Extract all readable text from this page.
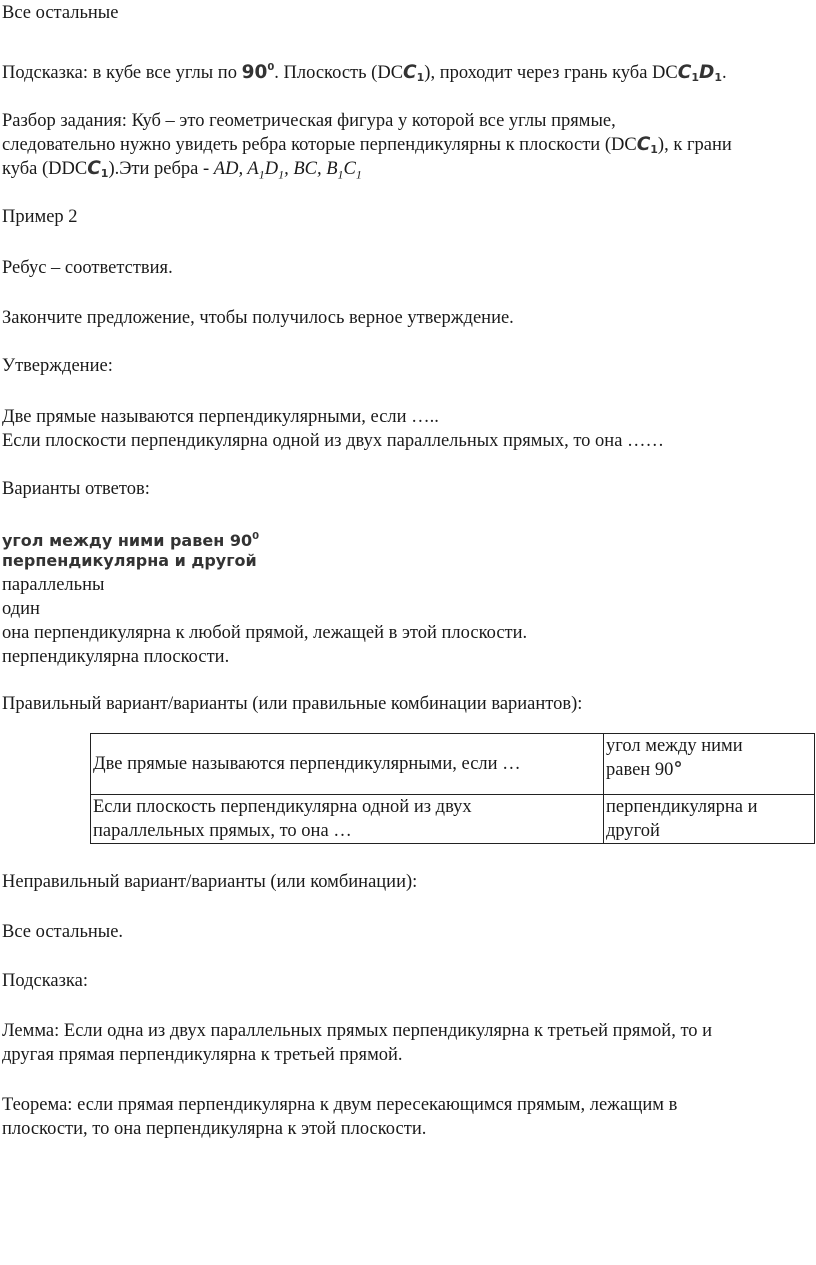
Все остальные
Подсказка: в кубе все углы по $90^0$. Плоскость $(DCC_1)$, проходит через грань куба $DCC_1D_1$.
Разбор задания: Куб – это геометрическая фигура у которой все углы прямые,
следовательно нужно увидеть ребра которые перпендикулярны к плоскости $(DCC_1)$, к грани
куба $(DDCC_1).Эти$ ребра - AD, $A_1D_1$, BC, $B_1C_1$
Пример 2
Ребус – соответствия.
Закончите предложение, чтобы получилось верное утверждение.
Утверждение:
Две прямые называются перпендикулярными, если …..
Если плоскости перпендикулярна одной из двух параллельных прямых, то она ……
Варианты ответов:
угол между ними равен $90^0$
перпендикулярна и другой
параллельны
один
она перпендикулярна к любой прямой, лежащей в этой плоскости.
перпендикулярна плоскости.
Правильный вариант/варианты (или правильные комбинации вариантов):
Две прямые называются перпендикулярными, если …	угол между ними
равен 90°
Если плоскость перпендикулярна одной из двух
параллельных прямых, то она …	перпендикулярна и
другой
Неправильный вариант/варианты (или комбинации):
Все остальные.
Подсказка:
Лемма: Если одна из двух параллельных прямых перпендикулярна к третьей прямой, то и
другая прямая перпендикулярна к третьей прямой.
Теорема: если прямая перпендикулярна к двум пересекающимся прямым, лежащим в
плоскости, то она перпендикулярна к этой плоскости.
